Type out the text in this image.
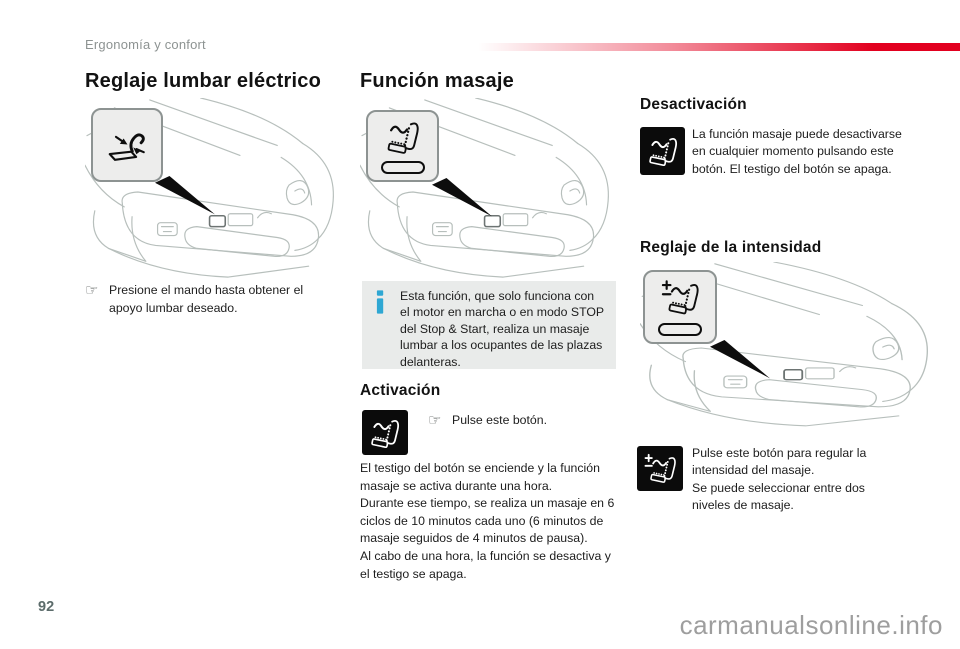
Ergonomía y confort
Reglaje lumbar eléctrico
☞ Presione el mando hasta obtener el apoyo lumbar deseado.
Función masaje
Esta función, que solo funciona con el motor en marcha o en modo STOP del Stop & Start, realiza un masaje lumbar a los ocupantes de las plazas delanteras.
Activación
☞ Pulse este botón.

El testigo del botón se enciende y la función masaje se activa durante una hora.

Durante ese tiempo, se realiza un masaje en 6 ciclos de 10 minutos cada uno (6 minutos de masaje seguidos de 4 minutos de pausa).

Al cabo de una hora, la función se desactiva y el testigo se apaga.

Desactivación
La función masaje puede desactivarse en cualquier momento pulsando este botón. El testigo del botón se apaga.
Reglaje de la intensidad

Pulse este botón para regular la intensidad del masaje.

Se puede seleccionar entre dos niveles de masaje.

92
carmanualsonline.info
